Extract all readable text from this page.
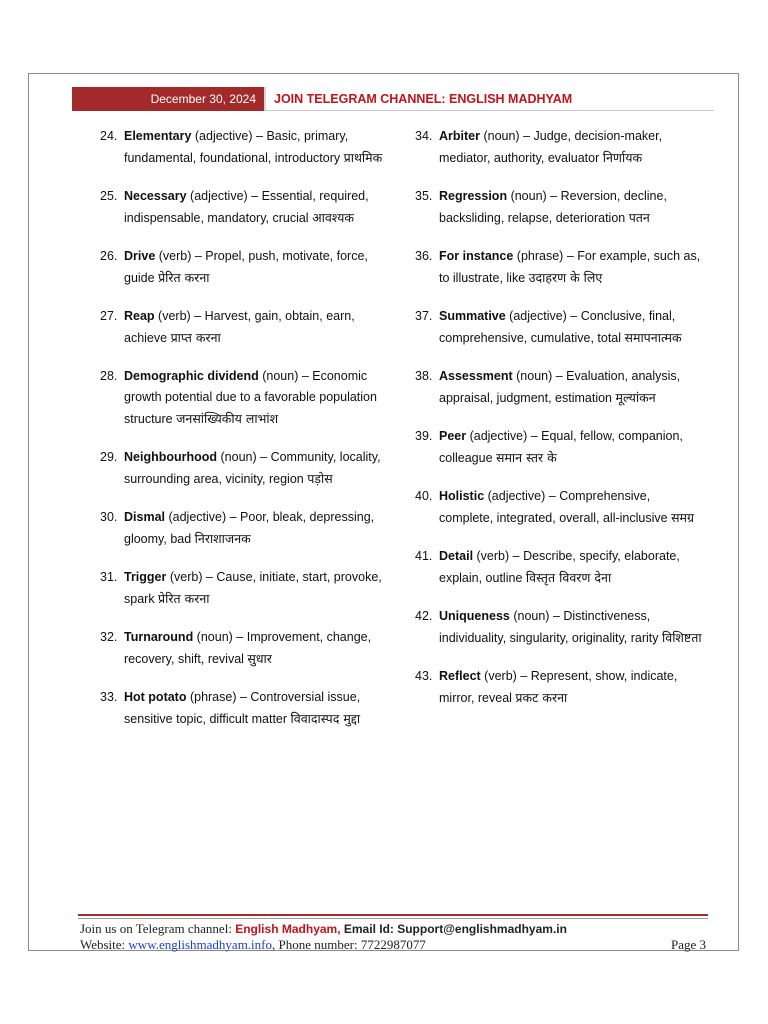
December 30, 2024	JOIN TELEGRAM CHANNEL: ENGLISH MADHYAM
24. Elementary (adjective) – Basic, primary, fundamental, foundational, introductory प्राथमिक
25. Necessary (adjective) – Essential, required, indispensable, mandatory, crucial आवश्यक
26. Drive (verb) – Propel, push, motivate, force, guide प्रेरित करना
27. Reap (verb) – Harvest, gain, obtain, earn, achieve प्राप्त करना
28. Demographic dividend (noun) – Economic growth potential due to a favorable population structure जनसांख्यिकीय लाभांश
29. Neighbourhood (noun) – Community, locality, surrounding area, vicinity, region पड़ोस
30. Dismal (adjective) – Poor, bleak, depressing, gloomy, bad निराशाजनक
31. Trigger (verb) – Cause, initiate, start, provoke, spark प्रेरित करना
32. Turnaround (noun) – Improvement, change, recovery, shift, revival सुधार
33. Hot potato (phrase) – Controversial issue, sensitive topic, difficult matter विवादास्पद मुद्दा
34. Arbiter (noun) – Judge, decision-maker, mediator, authority, evaluator निर्णायक
35. Regression (noun) – Reversion, decline, backsliding, relapse, deterioration पतन
36. For instance (phrase) – For example, such as, to illustrate, like उदाहरण के लिए
37. Summative (adjective) – Conclusive, final, comprehensive, cumulative, total समापनात्मक
38. Assessment (noun) – Evaluation, analysis, appraisal, judgment, estimation मूल्यांकन
39. Peer (adjective) – Equal, fellow, companion, colleague समान स्तर के
40. Holistic (adjective) – Comprehensive, complete, integrated, overall, all-inclusive समग्र
41. Detail (verb) – Describe, specify, elaborate, explain, outline विस्तृत विवरण देना
42. Uniqueness (noun) – Distinctiveness, individuality, singularity, originality, rarity विशिष्टता
43. Reflect (verb) – Represent, show, indicate, mirror, reveal प्रकट करना
Join us on Telegram channel: English Madhyam, Email Id: Support@englishmadhyam.in
Website: www.englishmadhyam.info, Phone number: 7722987077	Page 3
